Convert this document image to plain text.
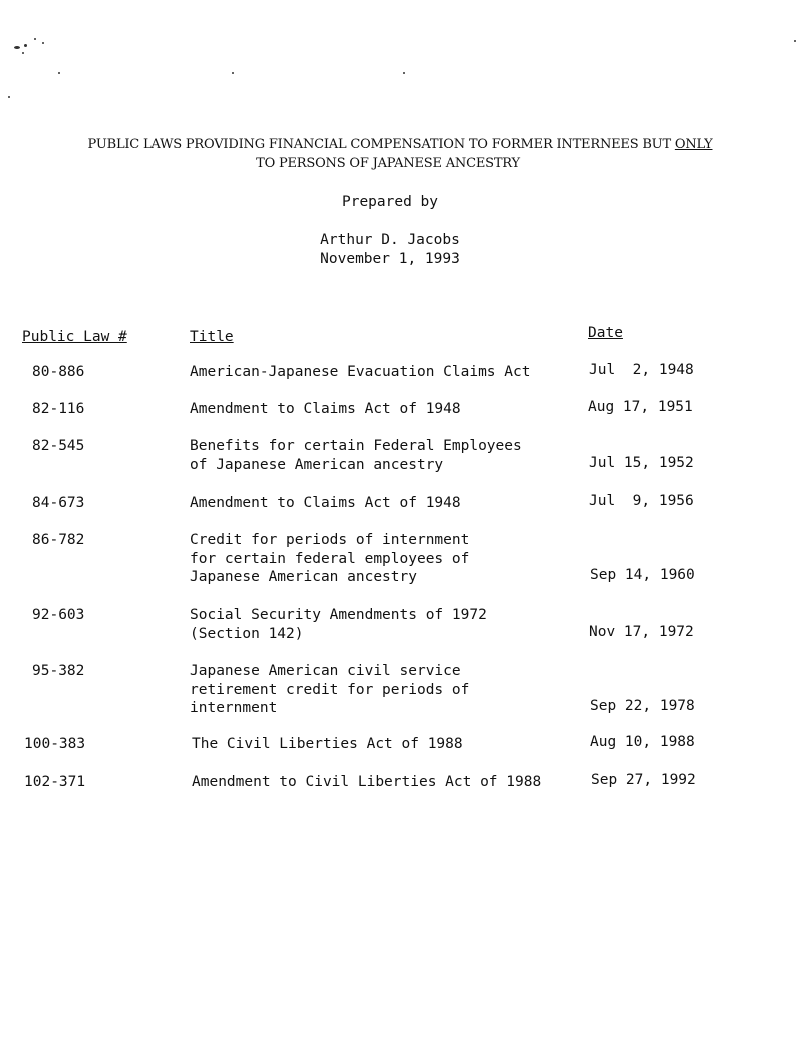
PUBLIC LAWS PROVIDING FINANCIAL COMPENSATION TO FORMER INTERNEES BUT ONLY
TO PERSONS OF JAPANESE ANCESTRY
Prepared by
Arthur D. Jacobs
November 1, 1993
Public Law #	Title	Date
80-886	American-Japanese Evacuation Claims Act	Jul  2, 1948
82-116	Amendment to Claims Act of 1948	Aug 17, 1951
82-545	Benefits for certain Federal Employees
of Japanese American ancestry	Jul 15, 1952
84-673	Amendment to Claims Act of 1948	Jul  9, 1956
86-782	Credit for periods of internment
for certain federal employees of
Japanese American ancestry	Sep 14, 1960
92-603	Social Security Amendments of 1972
(Section 142)	Nov 17, 1972
95-382	Japanese American civil service
retirement credit for periods of
internment	Sep 22, 1978
100-383	The Civil Liberties Act of 1988	Aug 10, 1988
102-371	Amendment to Civil Liberties Act of 1988	Sep 27, 1992
